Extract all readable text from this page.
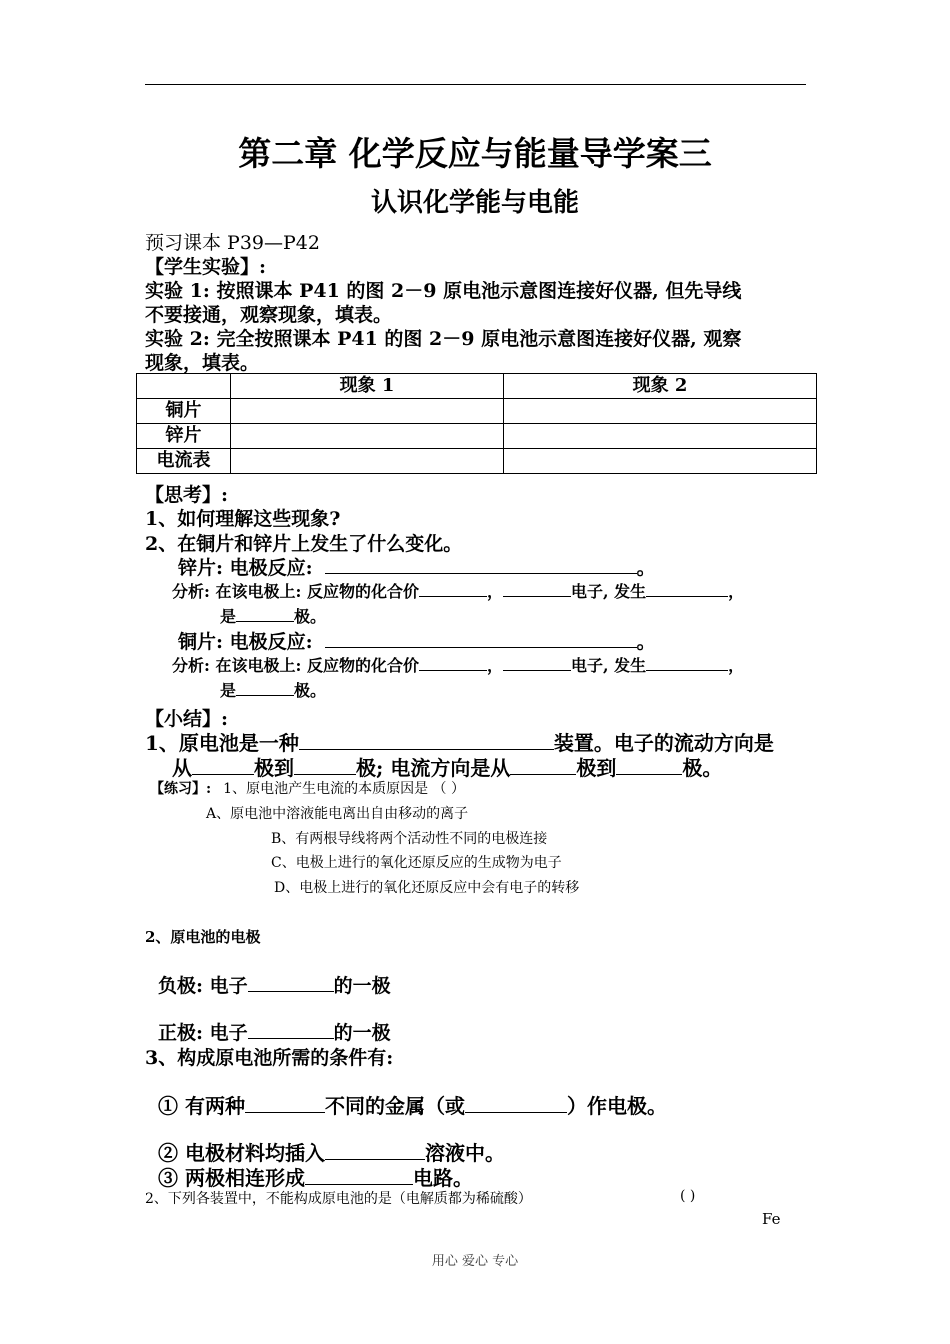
第二章 化学反应与能量导学案三
认识化学能与电能
预习课本 P39—P42
【学生实验】:
实验 1: 按照课本 P41 的图 2－9 原电池示意图连接好仪器, 但先导线
不要接通，观察现象，填表。
实验 2: 完全按照课本 P41 的图 2－9 原电池示意图连接好仪器, 观察
现象，填表。
	现象 1	现象 2
铜片		
锌片		
电流表		
【思考】:
1、如何理解这些现象?
2、在铜片和锌片上发生了什么变化。
锌片: 电极反应:	。
分析: 在该电极上: 反应物的化合价	，	电子, 发生	，
是	极。
铜片: 电极反应:	。
分析: 在该电极上: 反应物的化合价	，	电子, 发生	，
是	极。
【小结】:
1、原电池是一种	装置。电子的流动方向是
从	极到	极; 电流方向是从	极到	极。
【练习】: 1、原电池产生电流的本质原因是 （ ）
A、原电池中溶液能电离出自由移动的离子
B、有两根导线将两个活动性不同的电极连接
C、电极上进行的氧化还原反应的生成物为电子
D、电极上进行的氧化还原反应中会有电子的转移
2、原电池的电极
负极: 电子	的一极
正极: 电子	的一极
3、构成原电池所需的条件有:
① 有两种	不同的金属（或	）作电极。
② 电极材料均插入	溶液中。
③ 两极相连形成	电路。
2、下列各装置中，不能构成原电池的是（电解质都为稀硫酸）	( )
Fe
用心 爱心 专心
